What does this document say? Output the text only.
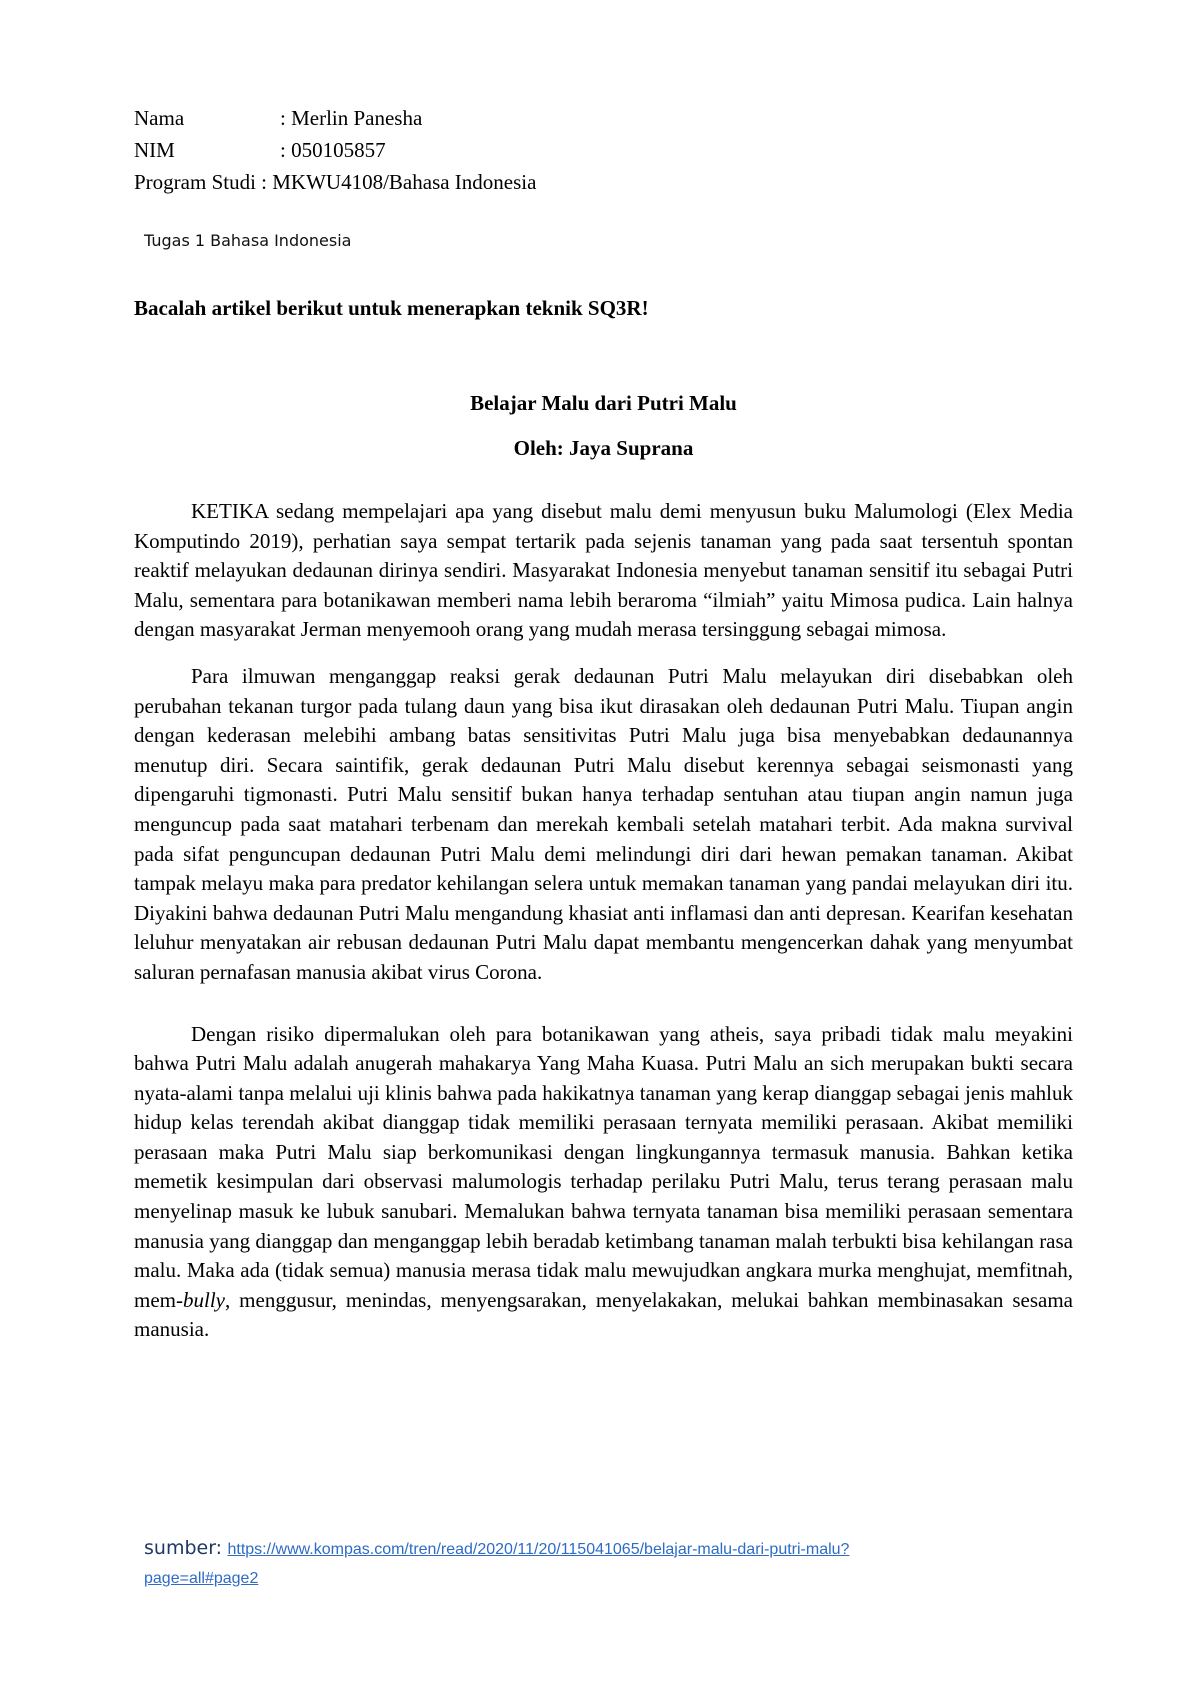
Nama	: Merlin Panesha
NIM	: 050105857
Program Studi : MKWU4108/Bahasa Indonesia
Tugas 1 Bahasa Indonesia
Bacalah artikel berikut untuk menerapkan teknik SQ3R!
Belajar Malu dari Putri Malu
Oleh: Jaya Suprana

KETIKA sedang mempelajari apa yang disebut malu demi menyusun buku Malumologi (Elex Media Komputindo 2019), perhatian saya sempat tertarik pada sejenis tanaman yang pada saat tersentuh spontan reaktif melayukan dedaunan dirinya sendiri. Masyarakat Indonesia menyebut tanaman sensitif itu sebagai Putri Malu, sementara para botanikawan memberi nama lebih beraroma “ilmiah” yaitu Mimosa pudica. Lain halnya dengan masyarakat Jerman menyemooh orang yang mudah merasa tersinggung sebagai mimosa.

Para ilmuwan menganggap reaksi gerak dedaunan Putri Malu melayukan diri disebabkan oleh perubahan tekanan turgor pada tulang daun yang bisa ikut dirasakan oleh dedaunan Putri Malu. Tiupan angin dengan kederasan melebihi ambang batas sensitivitas Putri Malu juga bisa menyebabkan dedaunannya menutup diri. Secara saintifik, gerak dedaunan Putri Malu disebut kerennya sebagai seismonasti yang dipengaruhi tigmonasti. Putri Malu sensitif bukan hanya terhadap sentuhan atau tiupan angin namun juga menguncup pada saat matahari terbenam dan merekah kembali setelah matahari terbit. Ada makna survival pada sifat penguncupan dedaunan Putri Malu demi melindungi diri dari hewan pemakan tanaman. Akibat tampak melayu maka para predator kehilangan selera untuk memakan tanaman yang pandai melayukan diri itu. Diyakini bahwa dedaunan Putri Malu mengandung khasiat anti inflamasi dan anti depresan. Kearifan kesehatan leluhur menyatakan air rebusan dedaunan Putri Malu dapat membantu mengencerkan dahak yang menyumbat saluran pernafasan manusia akibat virus Corona.

Dengan risiko dipermalukan oleh para botanikawan yang atheis, saya pribadi tidak malu meyakini bahwa Putri Malu adalah anugerah mahakarya Yang Maha Kuasa. Putri Malu an sich merupakan bukti secara nyata-alami tanpa melalui uji klinis bahwa pada hakikatnya tanaman yang kerap dianggap sebagai jenis mahluk hidup kelas terendah akibat dianggap tidak memiliki perasaan ternyata memiliki perasaan. Akibat memiliki perasaan maka Putri Malu siap berkomunikasi dengan lingkungannya termasuk manusia. Bahkan ketika memetik kesimpulan dari observasi malumologis terhadap perilaku Putri Malu, terus terang perasaan malu menyelinap masuk ke lubuk sanubari. Memalukan bahwa ternyata tanaman bisa memiliki perasaan sementara manusia yang dianggap dan menganggap lebih beradab ketimbang tanaman malah terbukti bisa kehilangan rasa malu. Maka ada (tidak semua) manusia merasa tidak malu mewujudkan angkara murka menghujat, memfitnah, mem-bully, menggusur, menindas, menyengsarakan, menyelakakan, melukai bahkan membinasakan sesama manusia.

sumber: https://www.kompas.com/tren/read/2020/11/20/115041065/belajar-malu-dari-putri-malu?page=all#page2
